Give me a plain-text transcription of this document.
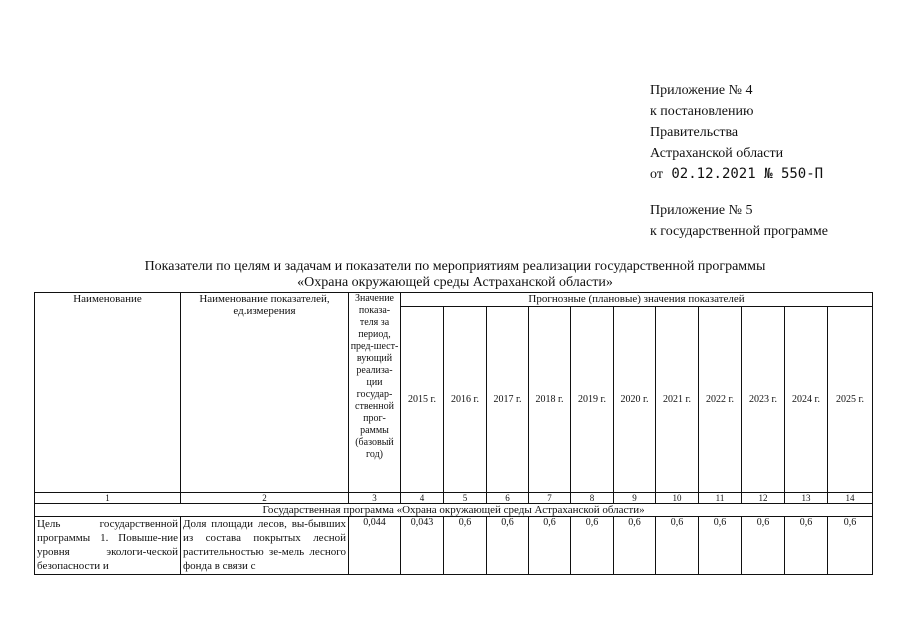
Приложение № 4
к постановлению
Правительства
Астраханской области
от 02.12.2021 № 550-П
Приложение № 5
к государственной программе
Показатели по целям и задачам и показатели по мероприятиям реализации государственной программы
«Охрана окружающей среды Астраханской области»
Наименование	Наименование показателей, ед.измерения	Значение показа-теля за период, пред-шест-вующий реализа-ции государ-ственной прог-раммы (базовый год)	Прогнозные (плановые) значения показателей										
			2015 г.	2016 г.	2017 г.	2018 г.	2019 г.	2020 г.	2021 г.	2022 г.	2023 г.	2024 г.	2025 г.
1	2	3	4	5	6	7	8	9	10	11	12	13	14
Государственная программа «Охрана окружающей среды Астраханской области»													
Цель государственной программы 1. Повыше-ние уровня экологи-ческой безопасности и	Доля площади лесов, вы-бывших из состава покрытых лесной растительностью зе-мель лесного фонда в связи с	0,044	0,043	0,6	0,6	0,6	0,6	0,6	0,6	0,6	0,6	0,6	0,6
